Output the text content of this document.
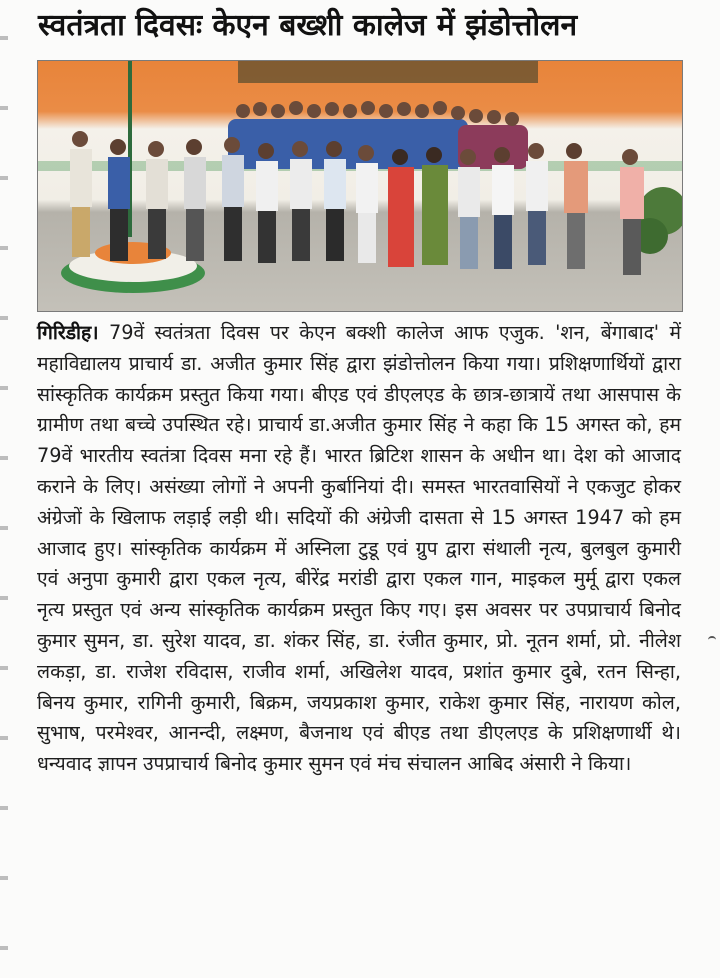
स्वतंत्रता दिवसः केएन बख्शी कालेज में झंडोत्तोलन

गिरिडीह। 79वें स्वतंत्रता दिवस पर केएन बक्शी कालेज आफ एजुक. 'शन, बेंगाबाद' में महाविद्यालय प्राचार्य डा. अजीत कुमार सिंह द्वारा झंडोत्तोलन किया गया। प्रशिक्षणार्थियों द्वारा सांस्कृतिक कार्यक्रम प्रस्तुत किया गया। बीएड एवं डीएलएड के छात्र-छात्रायें तथा आसपास के ग्रामीण तथा बच्चे उपस्थित रहे। प्राचार्य डा.अजीत कुमार सिंह ने कहा कि 15 अगस्त को, हम 79वें भारतीय स्वतंत्रा दिवस मना रहे हैं। भारत ब्रिटिश शासन के अधीन था। देश को आजाद कराने के लिए। असंख्या लोगों ने अपनी कुर्बानियां दी। समस्त भारतवासियों ने एकजुट होकर अंग्रेजों के खिलाफ लड़ाई लड़ी थी। सदियों की अंग्रेजी दासता से 15 अगस्त 1947 को हम आजाद हुए। सांस्कृतिक कार्यक्रम में अस्निला टुडू एवं ग्रुप द्वारा संथाली नृत्य, बुलबुल कुमारी एवं अनुपा कुमारी द्वारा एकल नृत्य, बीरेंद्र मरांडी द्वारा एकल गान, माइकल मुर्मू द्वारा एकल नृत्य प्रस्तुत एवं अन्य सांस्कृतिक कार्यक्रम प्रस्तुत किए गए। इस अवसर पर उपप्राचार्य बिनोद कुमार सुमन, डा. सुरेश यादव, डा. शंकर सिंह, डा. रंजीत कुमार, प्रो. नूतन शर्मा, प्रो. नीलेश लकड़ा, डा. राजेश रविदास, राजीव शर्मा, अखिलेश यादव, प्रशांत कुमार दुबे, रतन सिन्हा, बिनय कुमार, रागिनी कुमारी, बिक्रम, जयप्रकाश कुमार, राकेश कुमार सिंह, नारायण कोल, सुभाष, परमेश्वर, आनन्दी, लक्ष्मण, बैजनाथ एवं बीएड तथा डीएलएड के प्रशिक्षणार्थी थे। धन्यवाद ज्ञापन उपप्राचार्य बिनोद कुमार सुमन एवं मंच संचालन आबिद अंसारी ने किया।
